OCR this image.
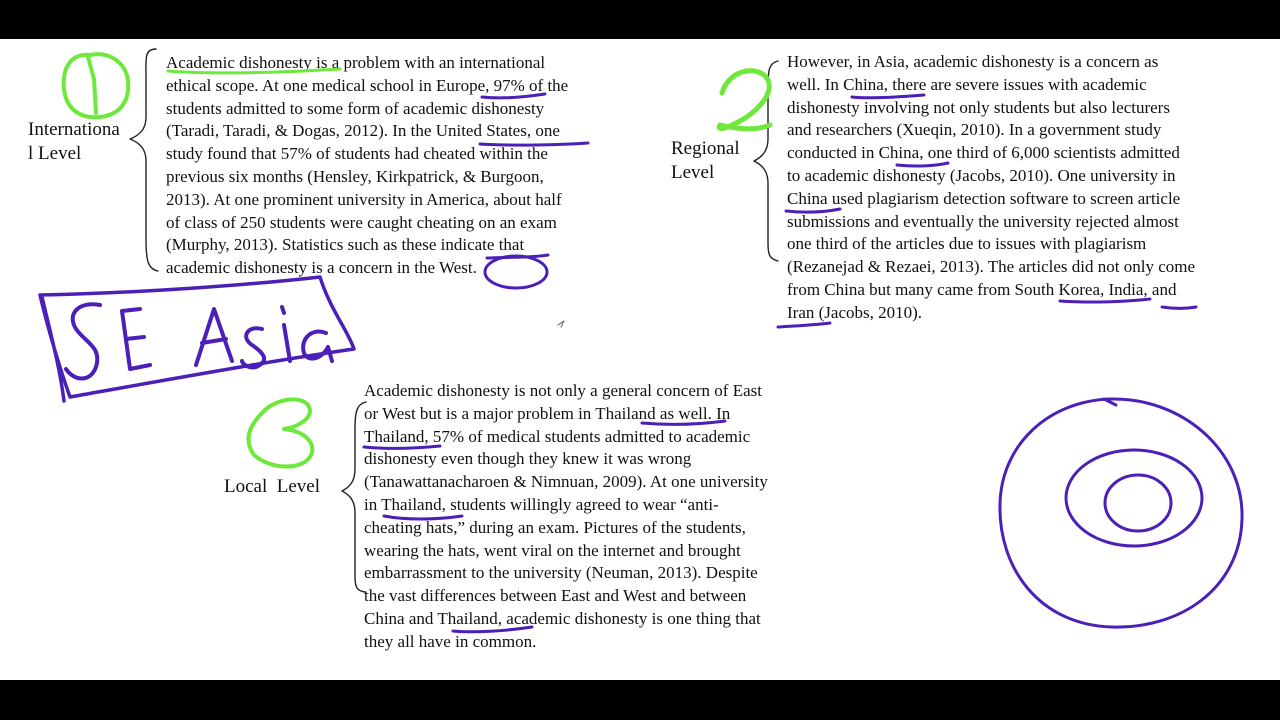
Internationa
l Level
Academic dishonesty is a problem with an international
ethical scope. At one medical school in Europe, 97% of the
students admitted to some form of academic dishonesty
(Taradi, Taradi, & Dogas, 2012). In the United States, one
study found that 57% of students had cheated within the
previous six months (Hensley, Kirkpatrick, & Burgoon,
2013). At one prominent university in America, about half
of class of 250 students were caught cheating on an exam
(Murphy, 2013). Statistics such as these indicate that
academic dishonesty is a concern in the West.
Regional
Level
However, in Asia, academic dishonesty is a concern as
well. In China, there are severe issues with academic
dishonesty involving not only students but also lecturers
and researchers (Xueqin, 2010). In a government study
conducted in China, one third of 6,000 scientists admitted
to academic dishonesty (Jacobs, 2010). One university in
China used plagiarism detection software to screen article
submissions and eventually the university rejected almost
one third of the articles due to issues with plagiarism
(Rezanejad & Rezaei, 2013). The articles did not only come
from China but many came from South Korea, India, and
Iran (Jacobs, 2010).
Local  Level
Academic dishonesty is not only a general concern of East
or West but is a major problem in Thailand as well. In
Thailand, 57% of medical students admitted to academic
dishonesty even though they knew it was wrong
(Tanawattanacharoen & Nimnuan, 2009). At one university
in Thailand, students willingly agreed to wear “anti-
cheating hats,” during an exam. Pictures of the students,
wearing the hats, went viral on the internet and brought
embarrassment to the university (Neuman, 2013). Despite
the vast differences between East and West and between
China and Thailand, academic dishonesty is one thing that
they all have in common.
